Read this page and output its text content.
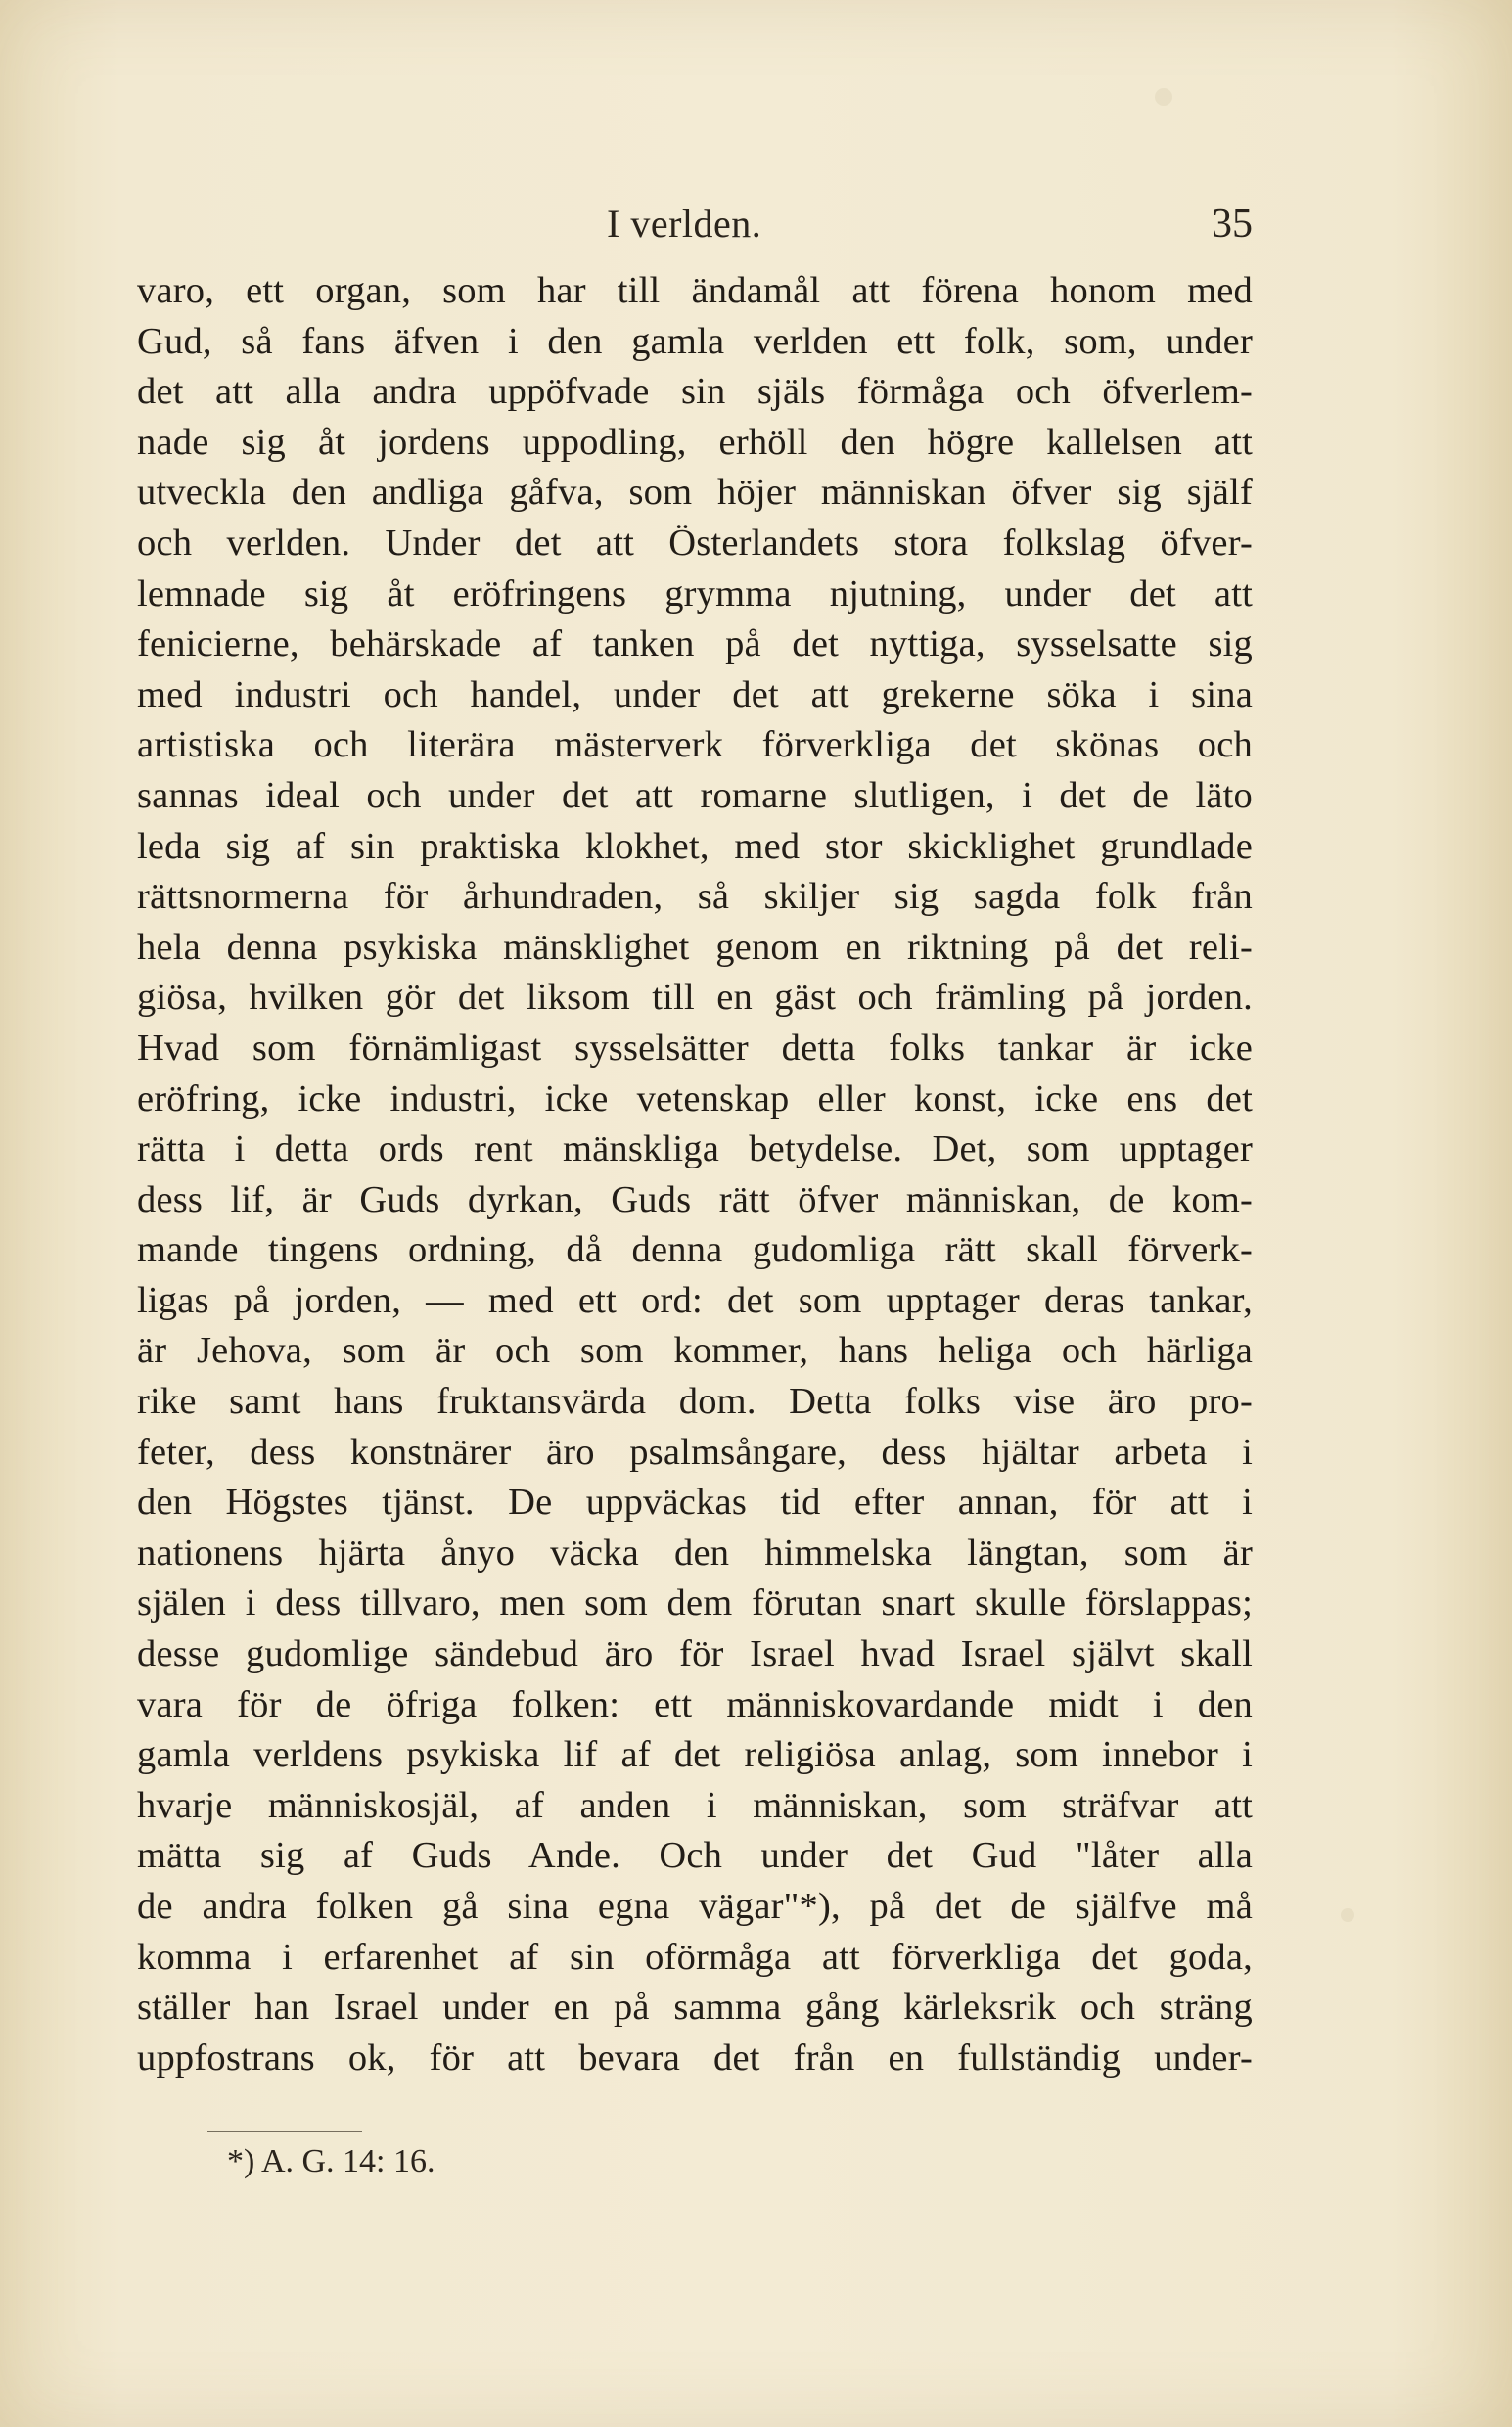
I verlden.	35
varo, ett organ, som har till ändamål att förena honom med
Gud, så fans äfven i den gamla verlden ett folk, som, under
det att alla andra uppöfvade sin själs förmåga och öfverlem-
nade sig åt jordens uppodling, erhöll den högre kallelsen att
utveckla den andliga gåfva, som höjer människan öfver sig själf
och verlden. Under det att Österlandets stora folkslag öfver-
lemnade sig åt eröfringens grymma njutning, under det att
fenicierne, behärskade af tanken på det nyttiga, sysselsatte sig
med industri och handel, under det att grekerne söka i sina
artistiska och literära mästerverk förverkliga det skönas och
sannas ideal och under det att romarne slutligen, i det de läto
leda sig af sin praktiska klokhet, med stor skicklighet grundlade
rättsnormerna för århundraden, så skiljer sig sagda folk från
hela denna psykiska mänsklighet genom en riktning på det reli-
giösa, hvilken gör det liksom till en gäst och främling på jorden.
Hvad som förnämligast sysselsätter detta folks tankar är icke
eröfring, icke industri, icke vetenskap eller konst, icke ens det
rätta i detta ords rent mänskliga betydelse. Det, som upptager
dess lif, är Guds dyrkan, Guds rätt öfver människan, de kom-
mande tingens ordning, då denna gudomliga rätt skall förverk-
ligas på jorden, — med ett ord: det som upptager deras tankar,
är Jehova, som är och som kommer, hans heliga och härliga
rike samt hans fruktansvärda dom. Detta folks vise äro pro-
feter, dess konstnärer äro psalmsångare, dess hjältar arbeta i
den Högstes tjänst. De uppväckas tid efter annan, för att i
nationens hjärta ånyo väcka den himmelska längtan, som är
själen i dess tillvaro, men som dem förutan snart skulle förslappas;
desse gudomlige sändebud äro för Israel hvad Israel självt skall
vara för de öfriga folken: ett människovardande midt i den
gamla verldens psykiska lif af det religiösa anlag, som innebor i
hvarje människosjäl, af anden i människan, som sträfvar att
mätta sig af Guds Ande. Och under det Gud "låter alla
de andra folken gå sina egna vägar"*), på det de själfve må
komma i erfarenhet af sin oförmåga att förverkliga det goda,
ställer han Israel under en på samma gång kärleksrik och sträng
uppfostrans ok, för att bevara det från en fullständig under-
*) A. G. 14: 16.
